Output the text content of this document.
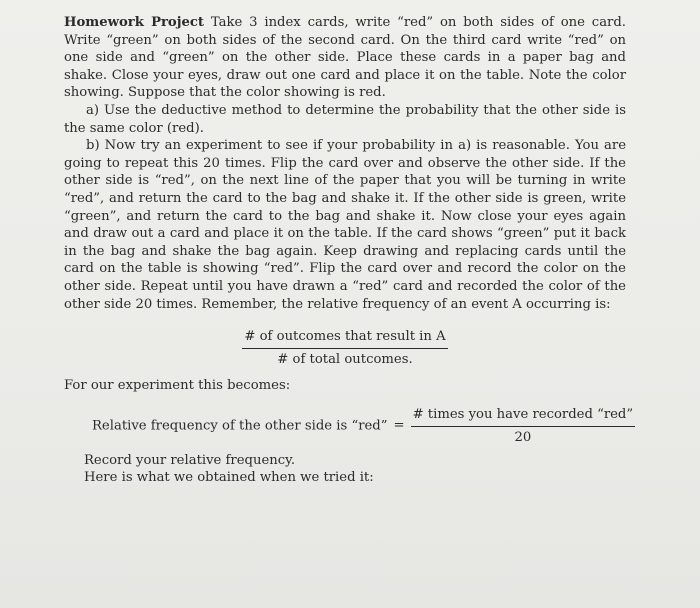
Homework Project Take 3 index cards, write “red” on both sides of one card. Write “green” on both sides of the second card. On the third card write “red” on one side and “green” on the other side. Place these cards in a paper bag and shake. Close your eyes, draw out one card and place it on the table. Note the color showing. Suppose that the color showing is red.

a) Use the deductive method to determine the probability that the other side is the same color (red).

b) Now try an experiment to see if your probability in a) is reasonable. You are going to repeat this 20 times. Flip the card over and observe the other side. If the other side is “red”, on the next line of the paper that you will be turning in write “red”, and return the card to the bag and shake it. If the other side is green, write “green”, and return the card to the bag and shake it. Now close your eyes again and draw out a card and place it on the table. If the card shows “green” put it back in the bag and shake the bag again. Keep drawing and replacing cards until the card on the table is showing “red”. Flip the card over and record the color on the other side. Repeat until you have drawn a “red” card and recorded the color of the other side 20 times. Remember, the relative frequency of an event A occurring is:

$\frac{\text{\# of outcomes that result in A}}{\text{\# of total outcomes.}}$
For our experiment this becomes:
Relative frequency of the other side is “red” = $\frac{\text{\# times you have recorded “red”}}{20}$
Record your relative frequency.
Here is what we obtained when we tried it:
